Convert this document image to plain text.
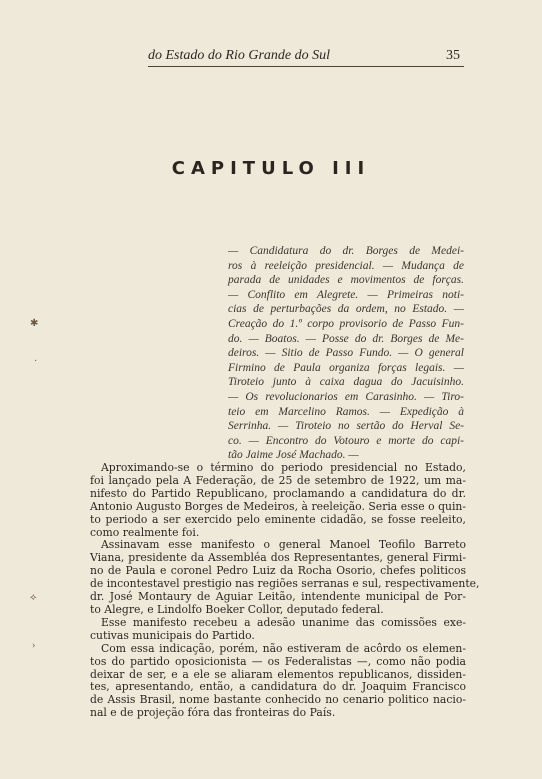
do Estado do Rio Grande do Sul	35
CAPITULO III
— Candidatura do dr. Borges de Medei-
ros à reeleição presidencial. — Mudança de
parada de unidades e movimentos de forças.
— Conflito em Alegrete. — Primeiras noti-
cias de perturbações da ordem, no Estado. —
Creação do 1.º corpo provisorio de Passo Fun-
do. — Boatos. — Posse do dr. Borges de Me-
deiros. — Sitio de Passo Fundo. — O general
Firmino de Paula organiza forças legais. —
Tiroteio junto à caixa dagua do Jacuisinho.
— Os revolucionarios em Carasinho. — Tiro-
teio em Marcelino Ramos. — Expedição à
Serrinha. — Tiroteio no sertão do Herval Se-
co. — Encontro do Votouro e morte do capi-
tão Jaime José Machado. —
Aproximando-se o término do periodo presidencial no Estado,
foi lançado pela A Federação, de 25 de setembro de 1922, um ma-
nifesto do Partido Republicano, proclamando a candidatura do dr.
Antonio Augusto Borges de Medeiros, à reeleição. Seria esse o quin-
to periodo a ser exercido pelo eminente cidadão, se fosse reeleito,
como realmente foi.
Assinavam esse manifesto o general Manoel Teofilo Barreto
Viana, presidente da Assembléa dos Representantes, general Firmi-
no de Paula e coronel Pedro Luiz da Rocha Osorio, chefes politicos
de incontestavel prestigio nas regiões serranas e sul, respectivamente,
dr. José Montaury de Aguiar Leitão, intendente municipal de Por-
to Alegre, e Lindolfo Boeker Collor, deputado federal.
Esse manifesto recebeu a adesão unanime das comissões exe-
cutivas municipais do Partido.
Com essa indicação, porém, não estiveram de acôrdo os elemen-
tos do partido oposicionista — os Federalistas —, como não podia
deixar de ser, e a ele se aliaram elementos republicanos, dissiden-
tes, apresentando, então, a candidatura do dr. Joaquim Francisco
de Assis Brasil, nome bastante conhecido no cenario politico nacio-
nal e de projeção fóra das fronteiras do País.
✱
·
⟡
›
